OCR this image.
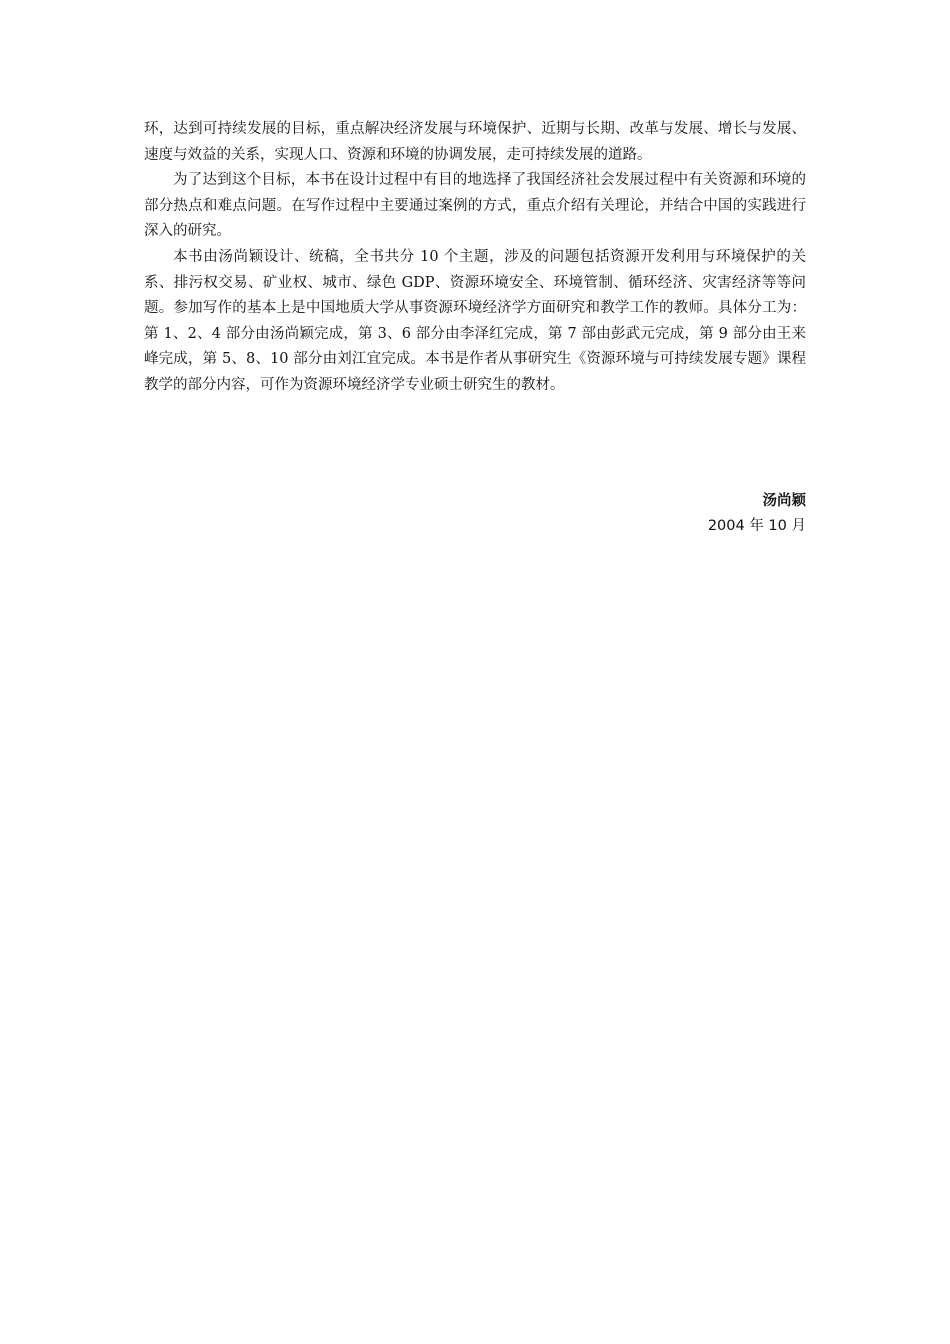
环，达到可持续发展的目标，重点解决经济发展与环境保护、近期与长期、改革与发展、增长与发展、速度与效益的关系，实现人口、资源和环境的协调发展，走可持续发展的道路。

为了达到这个目标，本书在设计过程中有目的地选择了我国经济社会发展过程中有关资源和环境的部分热点和难点问题。在写作过程中主要通过案例的方式，重点介绍有关理论，并结合中国的实践进行深入的研究。

本书由汤尚颖设计、统稿，全书共分 10 个主题，涉及的问题包括资源开发利用与环境保护的关系、排污权交易、矿业权、城市、绿色 GDP、资源环境安全、环境管制、循环经济、灾害经济等等问题。参加写作的基本上是中国地质大学从事资源环境经济学方面研究和教学工作的教师。具体分工为：第 1、2、4 部分由汤尚颖完成，第 3、6 部分由李泽红完成，第 7 部由彭武元完成，第 9 部分由王来峰完成，第 5、8、10 部分由刘江宜完成。本书是作者从事研究生《资源环境与可持续发展专题》课程教学的部分内容，可作为资源环境经济学专业硕士研究生的教材。

汤尚颖
2004 年 10 月
